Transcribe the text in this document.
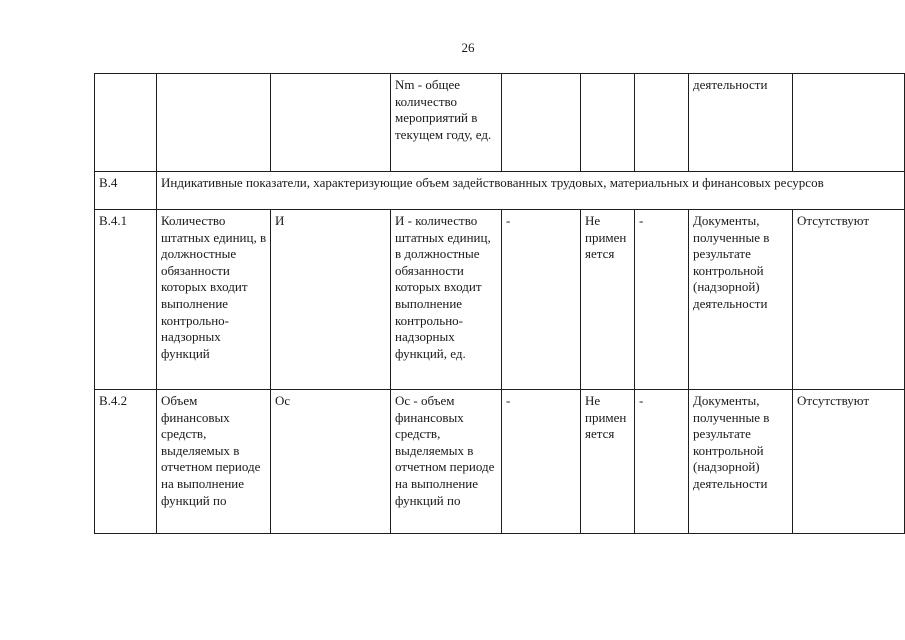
26
			Nm - общее количество мероприятий в текущем году, ед.				деятельности	
В.4	Индикативные показатели, характеризующие объем задействованных трудовых, материальных и финансовых ресурсов							
В.4.1	Количество штатных единиц, в должностные обязанности которых входит выполнение контрольно-надзорных функций	И	И - количество штатных единиц, в должностные обязанности которых входит выполнение контрольно-надзорных функций, ед.	-	Не применяется	-	Документы, полученные в результате контрольной (надзорной) деятельности	Отсутствуют
В.4.2	Объем финансовых средств, выделяемых в отчетном периоде на выполнение функций по	Ос	Ос - объем финансовых средств, выделяемых в отчетном периоде на выполнение функций по	-	Не применяется	-	Документы, полученные в результате контрольной (надзорной) деятельности	Отсутствуют
